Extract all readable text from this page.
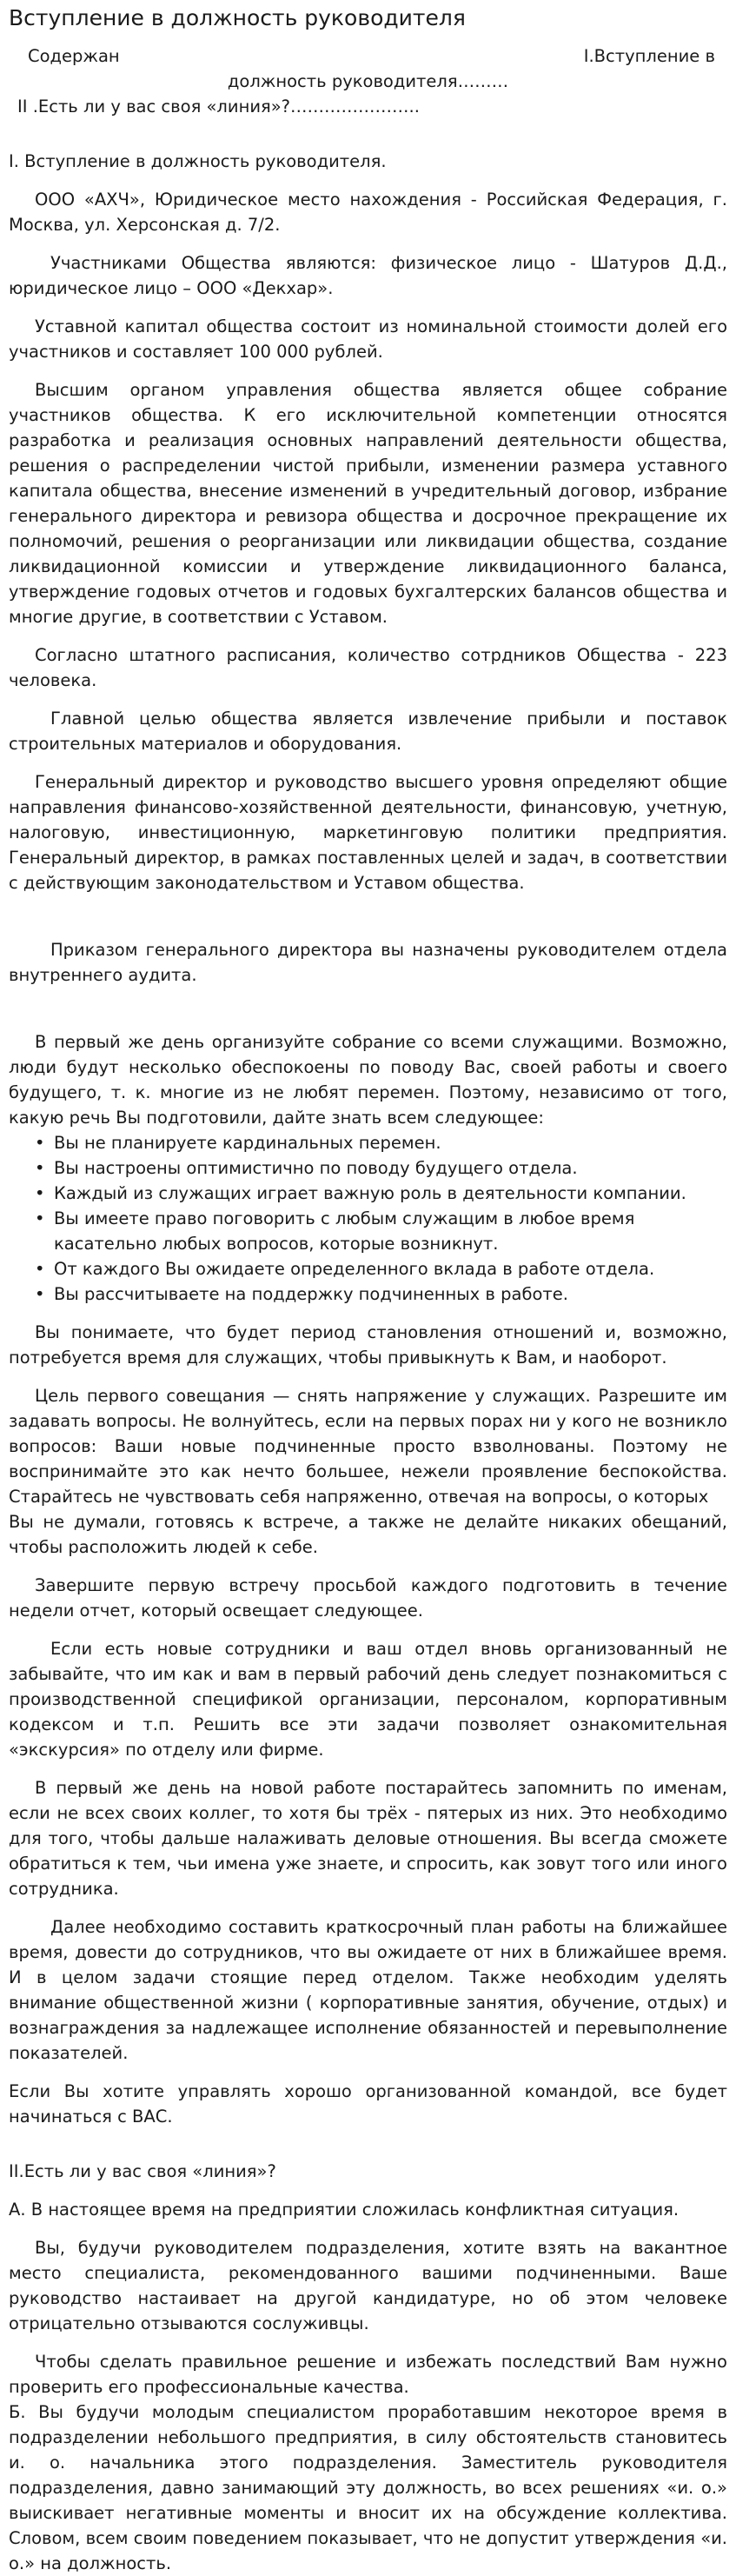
Вступление в должность руководителя
Содержан	І.Вступление в
должность руководителя………
ІІ .Есть ли у вас своя «линия»?…………………..

І. Вступление в должность руководителя.

ООО «АХЧ», Юридическое место нахождения - Российская Федерация, г. Москва, ул. Херсонская д. 7/2.

Участниками Общества являются: физическое лицо - Шатуров Д.Д., юридическое лицо – ООО «Декхар».

Уставной капитал общества состоит из номинальной стоимости долей его участников и составляет 100 000 рублей.

Высшим органом управления общества является общее собрание участников общества. К его исключительной компетенции относятся разработка и реализация основных направлений деятельности общества, решения о распределении чистой прибыли, изменении размера уставного капитала общества, внесение изменений в учредительный договор, избрание генерального директора и ревизора общества и досрочное прекращение их полномочий, решения о реорганизации или ликвидации общества, создание ликвидационной комиссии и утверждение ликвидационного баланса, утверждение годовых отчетов и годовых бухгалтерских балансов общества и многие другие, в соответствии с Уставом.

Согласно штатного расписания, количество сотрдников Общества - 223 человека.

Главной целью общества является извлечение прибыли и поставок строительных материалов и оборудования.

Генеральный директор и руководство высшего уровня определяют общие направления финансово-хозяйственной деятельности, финансовую, учетную, налоговую, инвестиционную, маркетинговую политики предприятия. Генеральный директор, в рамках поставленных целей и задач, в соответствии с действующим законодательством и Уставом общества.

Приказом генерального директора вы назначены руководителем отдела внутреннего аудита.

В первый же день организуйте собрание со всеми служащими. Возможно, люди будут несколько обеспокоены по поводу Вас, своей работы и своего будущего, т. к. многие из не любят перемен. Поэтому, независимо от того, какую речь Вы подготовили, дайте знать всем следующее:

• Вы не планируете кардинальных перемен.
• Вы настроены оптимистично по поводу будущего отдела.
• Каждый из служащих играет важную роль в деятельности компании.
• Вы имеете право поговорить с любым служащим в любое время касательно любых вопросов, которые возникнут.
• От каждого Вы ожидаете определенного вклада в работе отдела.
• Вы рассчитываете на поддержку подчиненных в работе.

Вы понимаете, что будет период становления отношений и, возможно, потребуется время для служащих, чтобы привыкнуть к Вам, и наоборот.

Цель первого совещания — снять напряжение у служащих. Разрешите им задавать вопросы. Не волнуйтесь, если на первых порах ни у кого не возникло вопросов: Ваши новые подчиненные просто взволнованы. Поэтому не воспринимайте это как нечто большее, нежели проявление беспокойства. Старайтесь не чувствовать себя напряженно, отвечая на вопросы, о которых

Вы не думали, готовясь к встрече, а также не делайте никаких обещаний, чтобы расположить людей к себе.

Завершите первую встречу просьбой каждого подготовить в течение недели отчет, который освещает следующее.

Если есть новые сотрудники и ваш отдел вновь организованный не забывайте, что им как и вам в первый рабочий день следует познакомиться с производственной спецификой организации, персоналом, корпоративным кодексом и т.п. Решить все эти задачи позволяет ознакомительная «экскурсия» по отделу или фирме.

В первый же день на новой работе постарайтесь запомнить по именам, если не всех своих коллег, то хотя бы трёх - пятерых из них. Это необходимо для того, чтобы дальше налаживать деловые отношения. Вы всегда сможете обратиться к тем, чьи имена уже знаете, и спросить, как зовут того или иного сотрудника.

Далее необходимо составить краткосрочный план работы на ближайшее время, довести до сотрудников, что вы ожидаете от них в ближайшее время. И в целом задачи стоящие перед отделом. Также необходим уделять внимание общественной жизни ( корпоративные занятия, обучение, отдых) и вознаграждения за надлежащее исполнение обязанностей и перевыполнение показателей.

Если Вы хотите управлять хорошо организованной командой, все будет начинаться с ВАС.

ІІ.Есть ли у вас своя «линия»?

А. В настоящее время на предприятии сложилась конфликтная ситуация.

Вы, будучи руководителем подразделения, хотите взять на вакантное место специалиста, рекомендованного вашими подчиненными. Ваше руководство настаивает на другой кандидатуре, но об этом человеке отрицательно отзываются сослуживцы.

Чтобы сделать правильное решение и избежать последствий Вам нужно проверить его профессиональные качества.

Б. Вы будучи молодым специалистом проработавшим некоторое время в подразделении небольшого предприятия, в силу обстоятельств становитесь и. о. начальника этого подразделения. Заместитель руководителя подразделения, давно занимающий эту должность, во всех решениях «и. о.» выискивает негативные моменты и вносит их на обсуждение коллектива. Словом, всем своим поведением показывает, что не допустит утверждения «и. о.» на должность.
